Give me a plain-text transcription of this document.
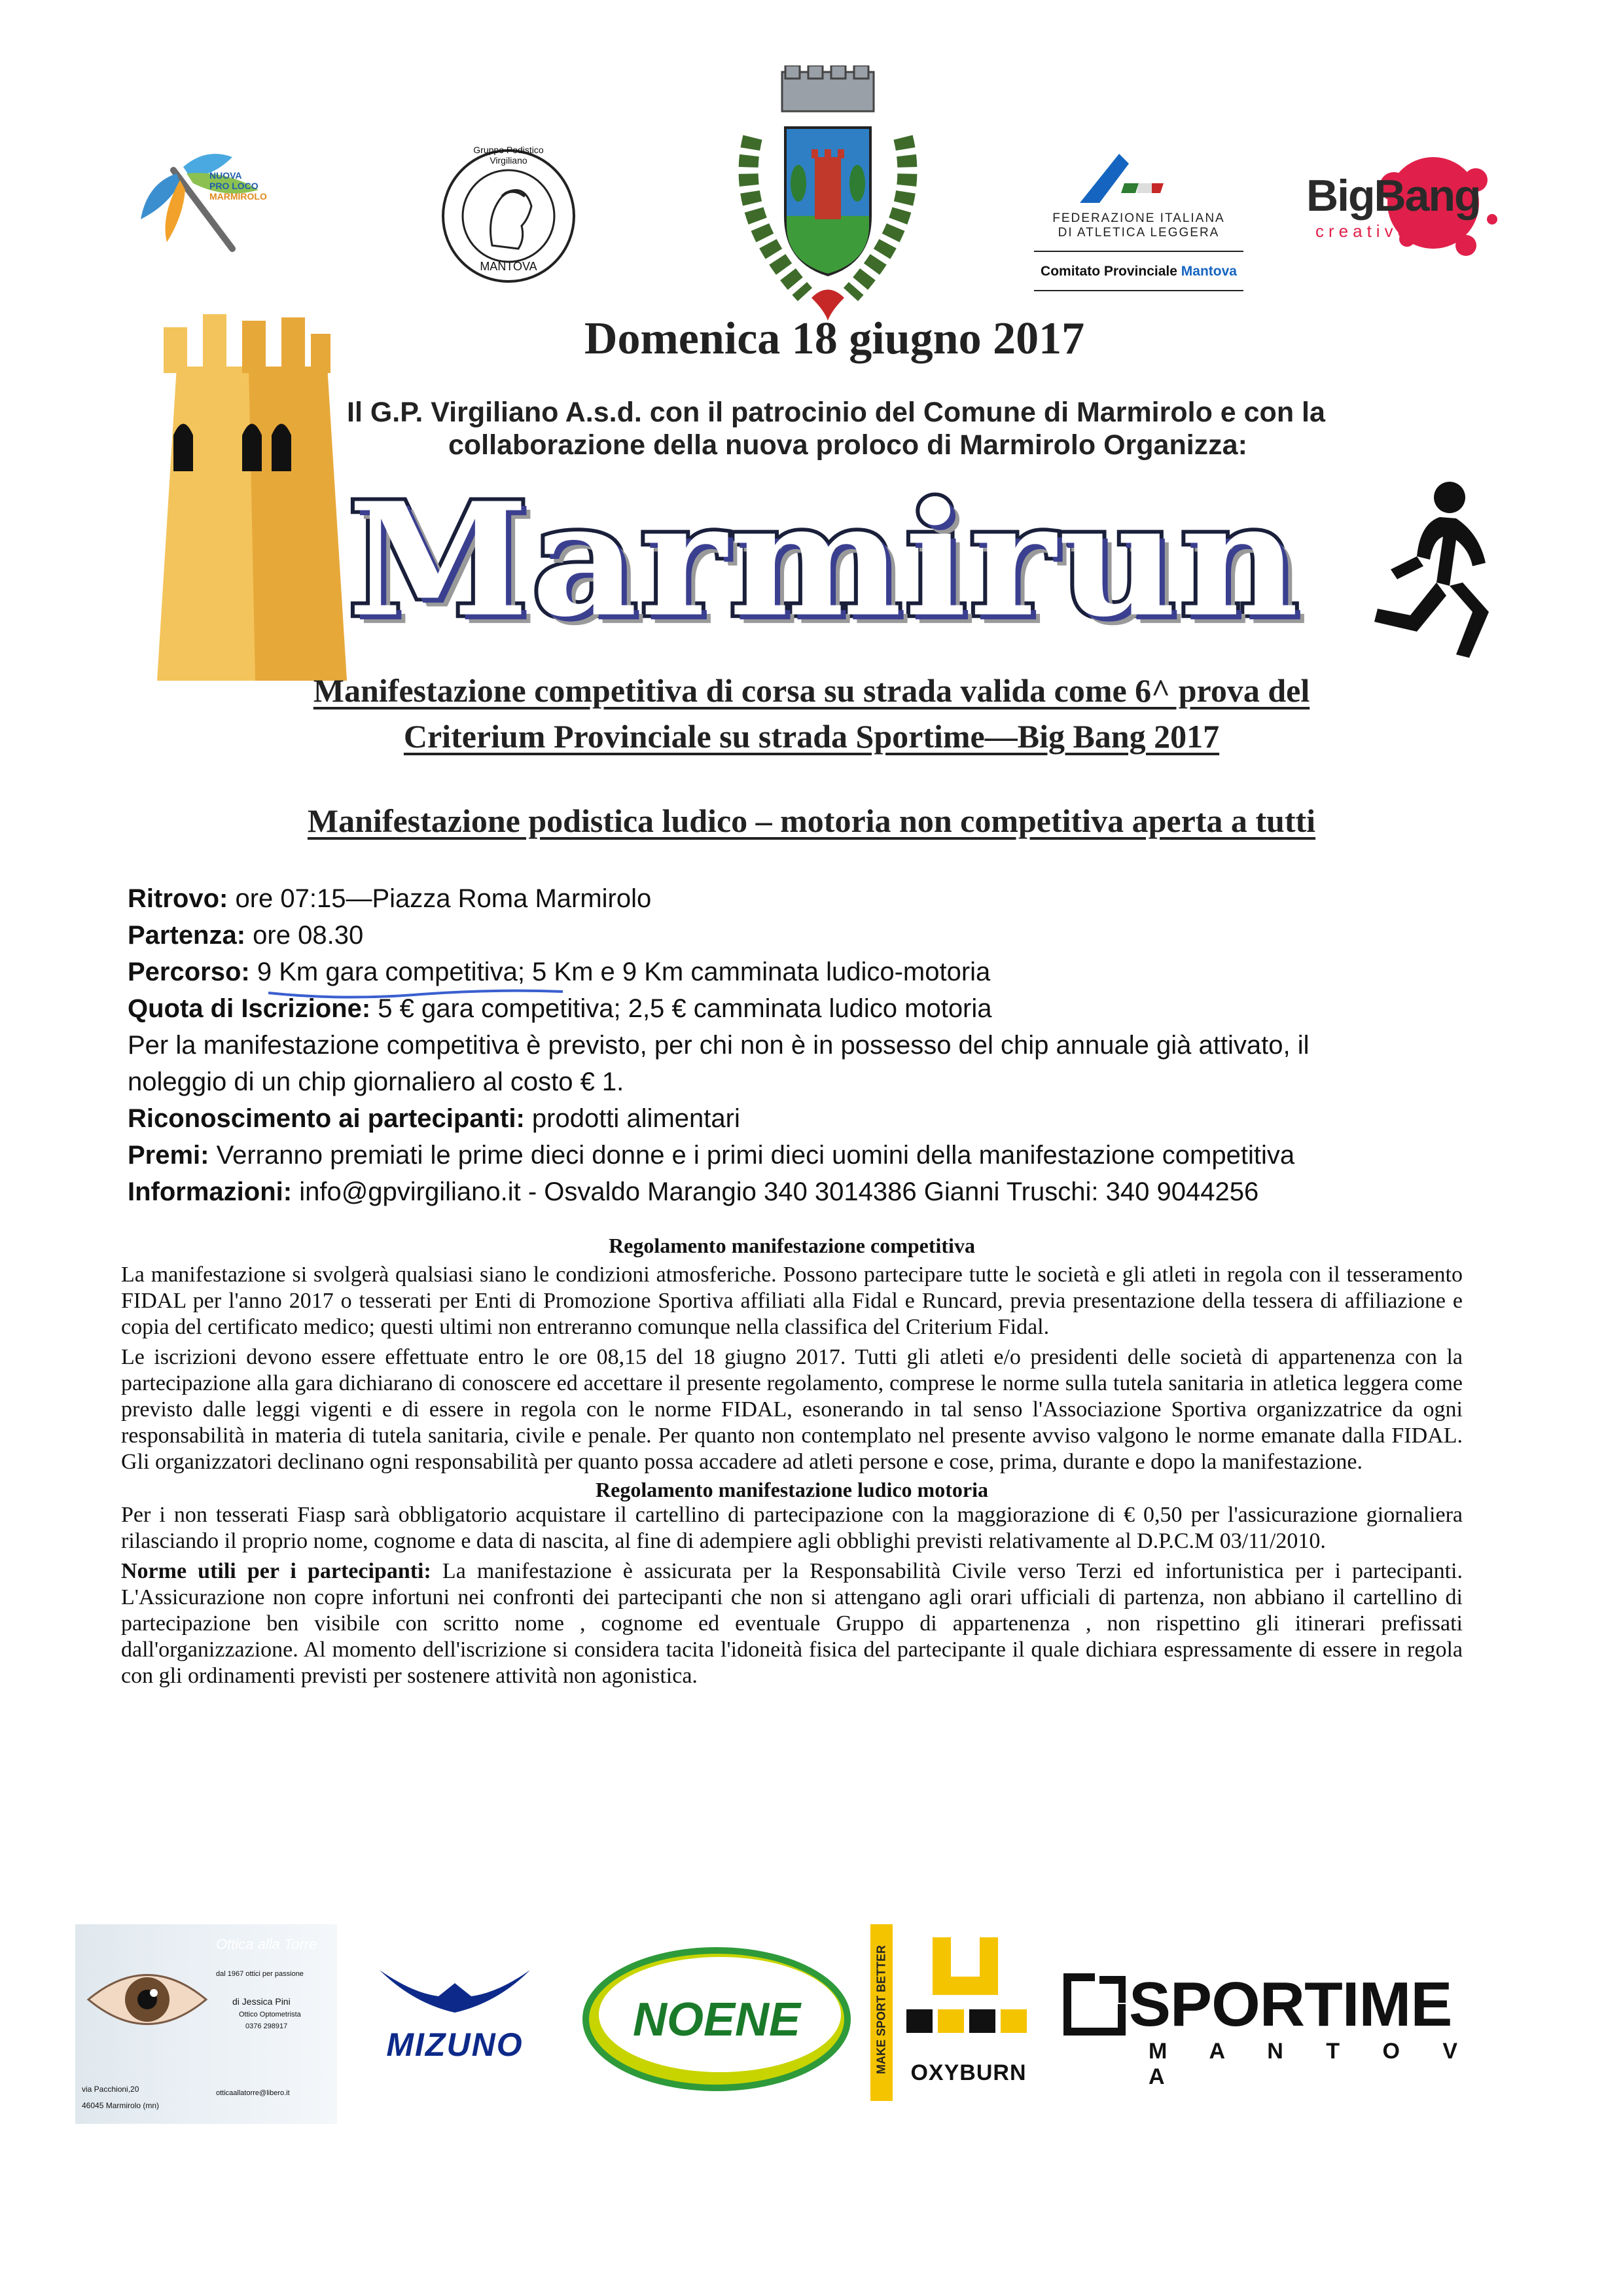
NUOVA
PRO LOCO
MARMIROLO
Gruppo Podistico Virgiliano
MANTOVA
FEDERAZIONE ITALIANA
DI ATLETICA LEGGERA
Comitato Provinciale Mantova
BigBang
creative
Domenica 18 giugno 2017
Il G.P. Virgiliano A.s.d. con il patrocinio del Comune di Marmirolo e con la
collaborazione della nuova proloco di Marmirolo Organizza:
Marmirun
Manifestazione competitiva di corsa su strada valida come 6^ prova del
Criterium Provinciale su strada Sportime—Big Bang 2017
Manifestazione podistica ludico – motoria non competitiva aperta a tutti
Ritrovo: ore 07:15—Piazza Roma Marmirolo
Partenza: ore 08.30
Percorso: 9 Km gara competitiva; 5 Km e 9 Km camminata ludico-motoria
Quota di Iscrizione: 5 € gara competitiva; 2,5 € camminata ludico motoria
Per la manifestazione competitiva è previsto, per chi non è in possesso del chip annuale già attivato, il
noleggio di un chip giornaliero al costo € 1.
Riconoscimento ai partecipanti: prodotti alimentari
Premi: Verranno premiati le prime dieci donne e i primi dieci uomini della manifestazione competitiva
Informazioni: info@gpvirgiliano.it - Osvaldo Marangio 340 3014386 Gianni Truschi: 340 9044256
Regolamento manifestazione competitiva
La manifestazione si svolgerà qualsiasi siano le condizioni atmosferiche. Possono partecipare tutte le società e gli atleti in regola con il tesseramento FIDAL per l'anno 2017 o tesserati per Enti di Promozione Sportiva affiliati alla Fidal e Runcard, previa presentazione della tessera di affiliazione e copia del certificato medico; questi ultimi non entreranno comunque nella classifica del Criterium Fidal.
Le iscrizioni devono essere effettuate entro le ore 08,15 del 18 giugno 2017. Tutti gli atleti e/o presidenti delle società di appartenenza con la partecipazione alla gara dichiarano di conoscere ed accettare il presente regolamento, comprese le norme sulla tutela sanitaria in atletica leggera come previsto dalle leggi vigenti e di essere in regola con le norme FIDAL, esonerando in tal senso l'Associazione Sportiva organizzatrice da ogni responsabilità in materia di tutela sanitaria, civile e penale. Per quanto non contemplato nel presente avviso valgono le norme emanate dalla FIDAL. Gli organizzatori declinano ogni responsabilità per quanto possa accadere ad atleti persone e cose, prima, durante e dopo la manifestazione.
Regolamento manifestazione ludico motoria
Per i non tesserati Fiasp sarà obbligatorio acquistare il cartellino di partecipazione con la maggiorazione di € 0,50 per l'assicurazione giornaliera rilasciando il proprio nome, cognome e data di nascita, al fine di adempiere agli obblighi previsti relativamente al D.P.C.M 03/11/2010.
Norme utili per i partecipanti: La manifestazione è assicurata per la Responsabilità Civile verso Terzi ed infortunistica per i partecipanti. L'Assicurazione non copre infortuni nei confronti dei partecipanti che non si attengano agli orari ufficiali di partenza, non abbiano il cartellino di partecipazione ben visibile con scritto nome , cognome ed eventuale Gruppo di appartenenza , non rispettino gli itinerari prefissati dall'organizzazione. Al momento dell'iscrizione si considera tacita l'idoneità fisica del partecipante il quale dichiara espressamente di essere in regola con gli ordinamenti previsti per sostenere attività non agonistica.
Ottica alla Torre
dal 1967 ottici per passione
di Jessica Pini
Ottico Optometrista
0376 298917
via Pacchioni,20
46045 Marmirolo (mn)
otticaallatorre@libero.it
MIZUNO	NOENE	MAKE SPORT BETTER	OXYBURN
SPORTIME
M A N T O V A
